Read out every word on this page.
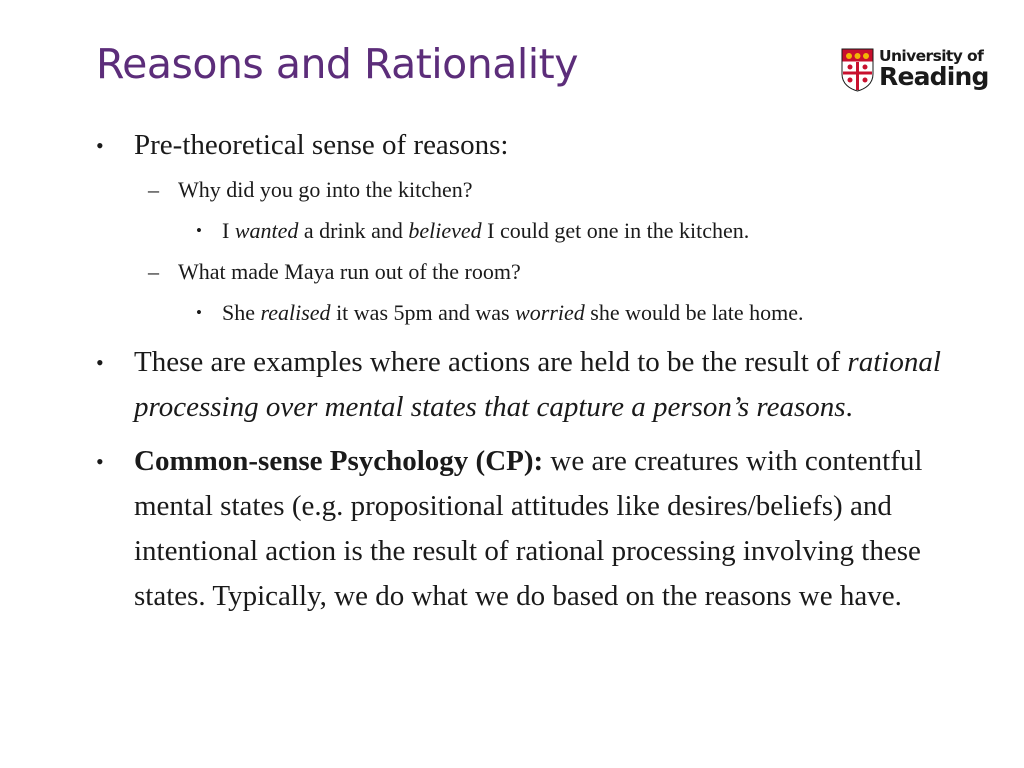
Reasons and Rationality	University of
Reading
• Pre-theoretical sense of reasons:
– Why did you go into the kitchen?
• I wanted a drink and believed I could get one in the kitchen.
– What made Maya run out of the room?
• She realised it was 5pm and was worried she would be late home.
• These are examples where actions are held to be the result of rational processing over mental states that capture a person’s reasons.
• Common-sense Psychology (CP): we are creatures with contentful mental states (e.g. propositional attitudes like desires/beliefs) and intentional action is the result of rational processing involving these states. Typically, we do what we do based on the reasons we have.
